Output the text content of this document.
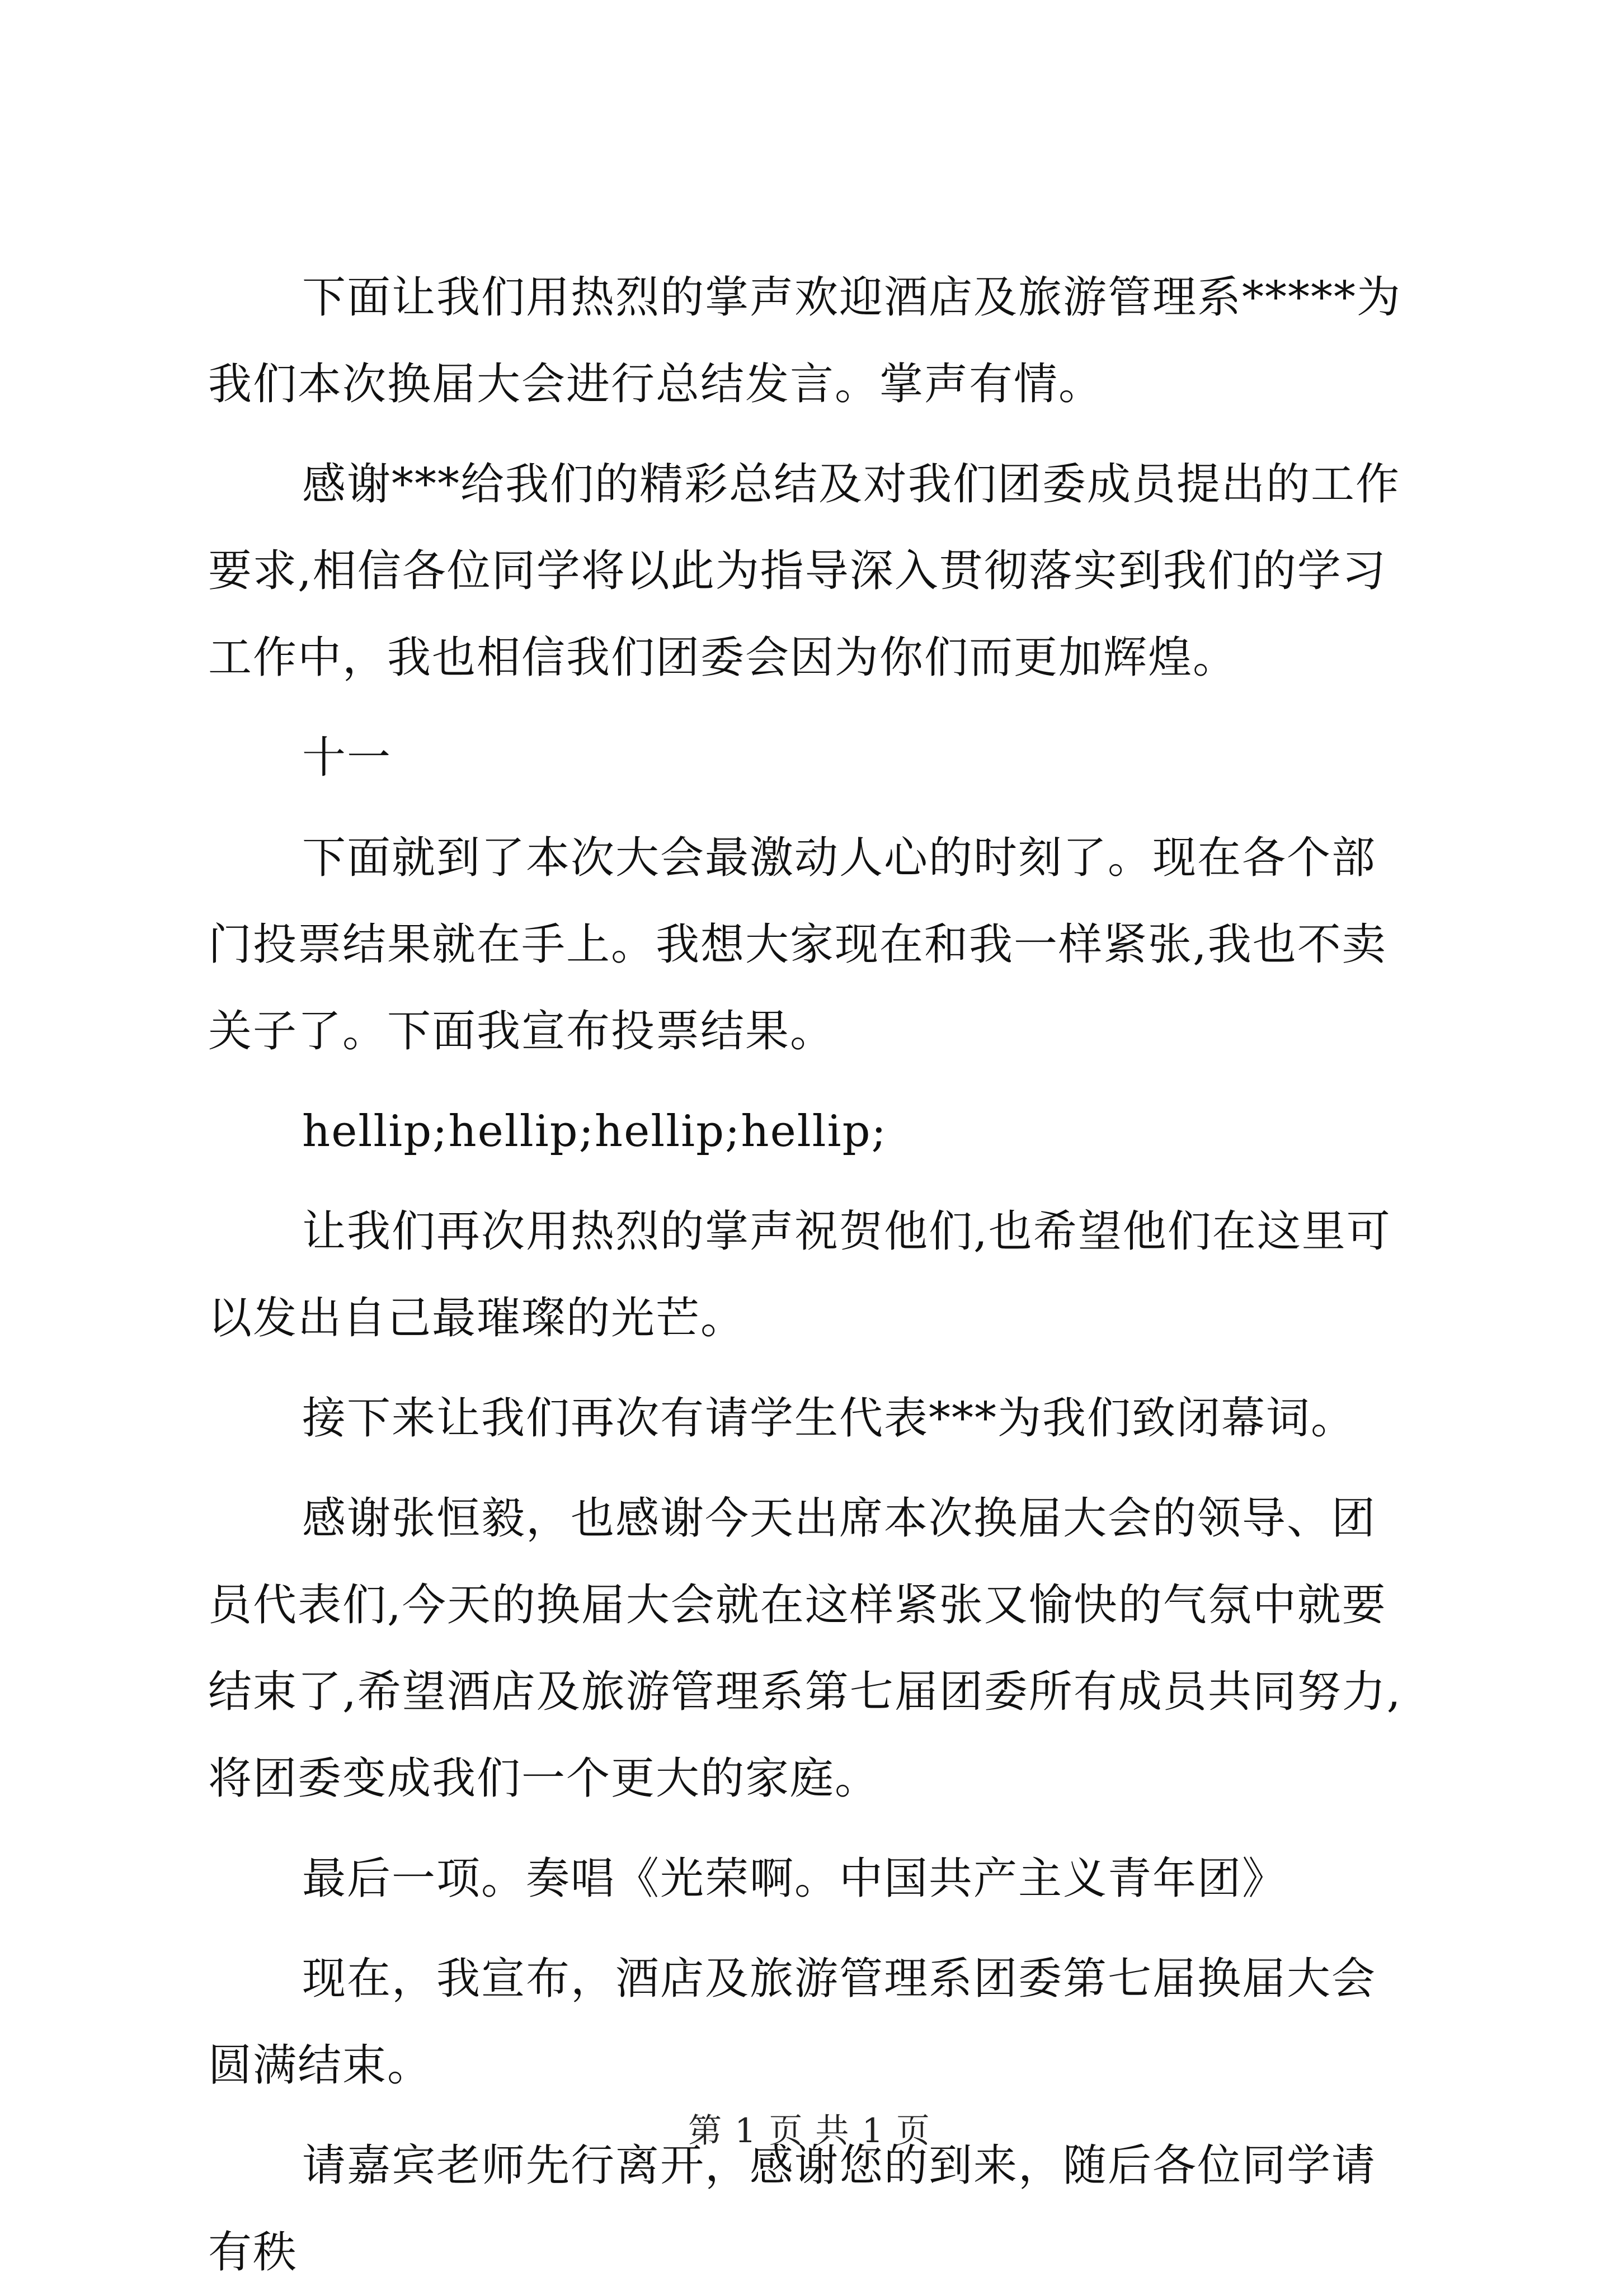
下面让我们用热烈的掌声欢迎酒店及旅游管理系*****为我们本次换届大会进行总结发言。掌声有情。

感谢***给我们的精彩总结及对我们团委成员提出的工作要求,相信各位同学将以此为指导深入贯彻落实到我们的学习工作中，我也相信我们团委会因为你们而更加辉煌。

十一

下面就到了本次大会最激动人心的时刻了。现在各个部门投票结果就在手上。我想大家现在和我一样紧张,我也不卖关子了。下面我宣布投票结果。

hellip;hellip;hellip;hellip;

让我们再次用热烈的掌声祝贺他们,也希望他们在这里可以发出自己最璀璨的光芒。

接下来让我们再次有请学生代表***为我们致闭幕词。

感谢张恒毅，也感谢今天出席本次换届大会的领导、团员代表们,今天的换届大会就在这样紧张又愉快的气氛中就要结束了,希望酒店及旅游管理系第七届团委所有成员共同努力,将团委变成我们一个更大的家庭。

最后一项。奏唱《光荣啊。中国共产主义青年团》

现在，我宣布，酒店及旅游管理系团委第七届换届大会圆满结束。

请嘉宾老师先行离开，感谢您的到来，随后各位同学请有秩

第 1 页 共 1 页
